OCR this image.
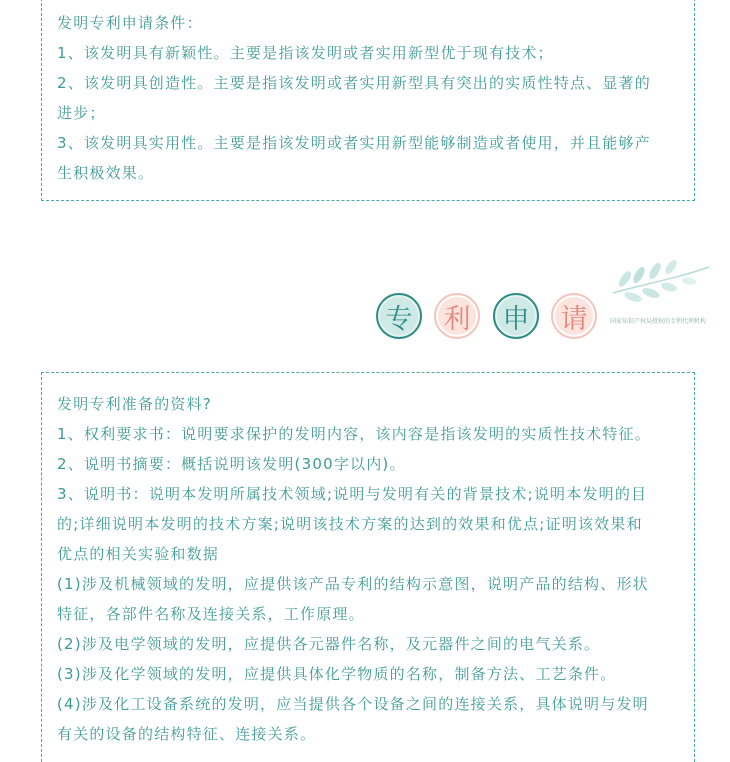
发明专利申请条件：
1、该发明具有新颖性。主要是指该发明或者实用新型优于现有技术；
2、该发明具创造性。主要是指该发明或者实用新型具有突出的实质性特点、显著的
进步；
3、该发明具实用性。主要是指该发明或者实用新型能够制造或者使用，并且能够产
生积极效果。
专	利	申	请	国家知识产权局授权的专利代理机构
发明专利准备的资料?
1、权利要求书：说明要求保护的发明内容，该内容是指该发明的实质性技术特征。
2、说明书摘要：概括说明该发明(300字以内)。
3、说明书：说明本发明所属技术领域;说明与发明有关的背景技术;说明本发明的目
的;详细说明本发明的技术方案;说明该技术方案的达到的效果和优点;证明该效果和
优点的相关实验和数据
(1)涉及机械领域的发明，应提供该产品专利的结构示意图，说明产品的结构、形状
特征，各部件名称及连接关系，工作原理。
(2)涉及电学领域的发明，应提供各元器件名称，及元器件之间的电气关系。
(3)涉及化学领域的发明，应提供具体化学物质的名称，制备方法、工艺条件。
(4)涉及化工设备系统的发明，应当提供各个设备之间的连接关系，具体说明与发明
有关的设备的结构特征、连接关系。
